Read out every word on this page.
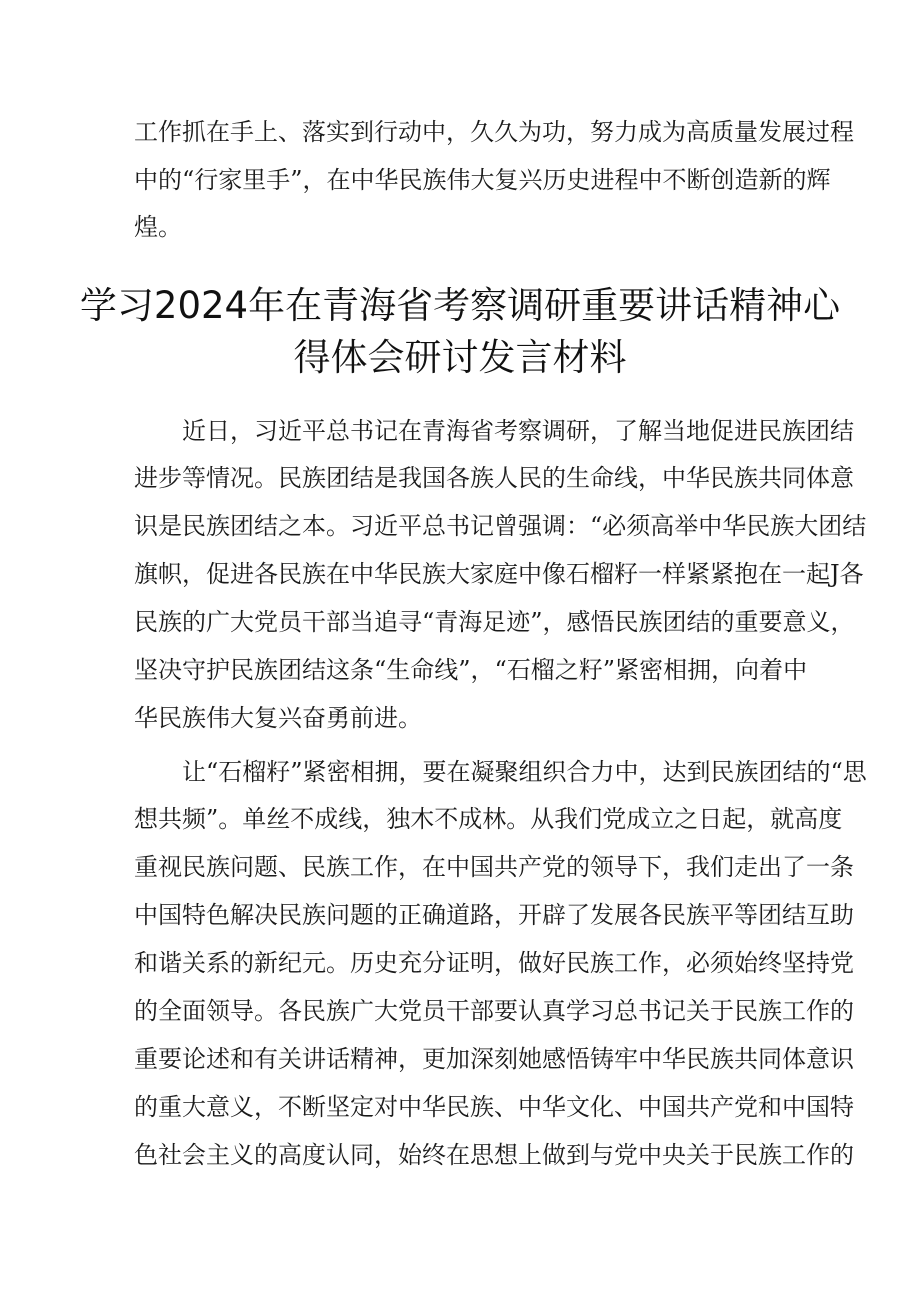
工作抓在手上、落实到行动中，久久为功，努力成为高质量发展过程
中的“行家里手”，在中华民族伟大复兴历史进程中不断创造新的辉
煌。
学习2024年在青海省考察调研重要讲话精神心
得体会研讨发言材料
近日，习近平总书记在青海省考察调研，了解当地促进民族团结
进步等情况。民族团结是我国各族人民的生命线，中华民族共同体意
识是民族团结之本。习近平总书记曾强调：“必须高举中华民族大团结
旗帜，促进各民族在中华民族大家庭中像石榴籽一样紧紧抱在一起J各
民族的广大党员干部当追寻“青海足迹”，感悟民族团结的重要意义，
坚决守护民族团结这条“生命线”，“石榴之籽”紧密相拥，向着中
华民族伟大复兴奋勇前进。
让“石榴籽”紧密相拥，要在凝聚组织合力中，达到民族团结的“思
想共频”。单丝不成线，独木不成林。从我们党成立之日起，就高度
重视民族问题、民族工作，在中国共产党的领导下，我们走出了一条
中国特色解决民族问题的正确道路，开辟了发展各民族平等团结互助
和谐关系的新纪元。历史充分证明，做好民族工作，必须始终坚持党
的全面领导。各民族广大党员干部要认真学习总书记关于民族工作的
重要论述和有关讲话精神，更加深刻她感悟铸牢中华民族共同体意识
的重大意义，不断坚定对中华民族、中华文化、中国共产党和中国特
色社会主义的高度认同，始终在思想上做到与党中央关于民族工作的
